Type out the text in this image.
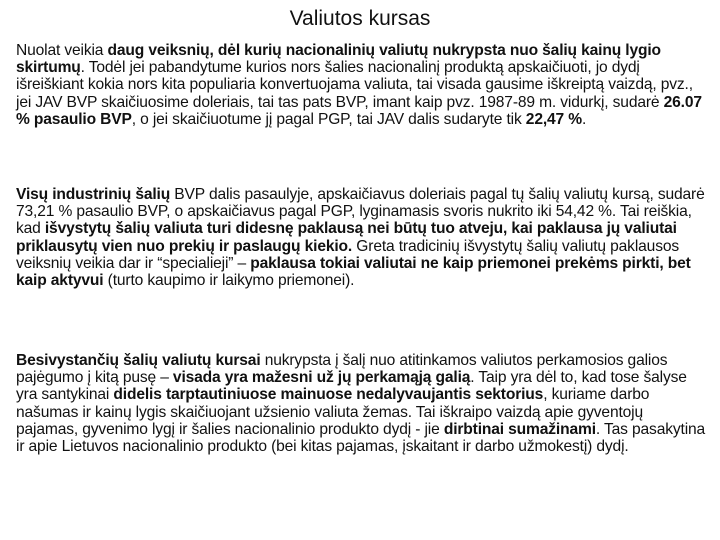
Valiutos kursas

Nuolat veikia daug veiksnių, dėl kurių nacionalinių valiutų nukrypsta nuo šalių kainų lygio skirtumų. Todėl jei pabandytume kurios nors šalies nacionalinį produktą apskaičiuoti, jo dydį išreiškiant kokia nors kita populiaria konvertuojama valiuta, tai visada gausime iškreiptą vaizdą, pvz., jei JAV BVP skaičiuosime doleriais, tai tas pats BVP, imant kaip pvz. 1987-89 m. vidurkį, sudarė 26.07 % pasaulio BVP, o jei skaičiuotume jį pagal PGP, tai JAV dalis sudaryte tik 22,47 %.

Visų industrinių šalių BVP dalis pasaulyje, apskaičiavus doleriais pagal tų šalių valiutų kursą, sudarė 73,21 % pasaulio BVP, o apskaičiavus pagal PGP, lyginamasis svoris nukrito iki 54,42 %. Tai reiškia, kad išvystytų šalių valiuta turi didesnę paklausą nei būtų tuo atveju, kai paklausa jų valiutai priklausytų vien nuo prekių ir paslaugų kiekio. Greta tradicinių išvystytų šalių valiutų paklausos veiksnių veikia dar ir “specialieji” – paklausa tokiai valiutai ne kaip priemonei prekėms pirkti, bet kaip aktyvui (turto kaupimo ir laikymo priemonei).

Besivystančių šalių valiutų kursai nukrypsta į šalį nuo atitinkamos valiutos perkamosios galios pajėgumo į kitą pusę – visada yra mažesni už jų perkamąją galią. Taip yra dėl to, kad tose šalyse yra santykinai didelis tarptautiniuose mainuose nedalyvaujantis sektorius, kuriame darbo našumas ir kainų lygis skaičiuojant užsienio valiuta žemas. Tai iškraipo vaizdą apie gyventojų pajamas, gyvenimo lygį ir šalies nacionalinio produkto dydį - jie dirbtinai sumažinami. Tas pasakytina ir apie Lietuvos nacionalinio produkto (bei kitas pajamas, įskaitant ir darbo užmokestį) dydį.
